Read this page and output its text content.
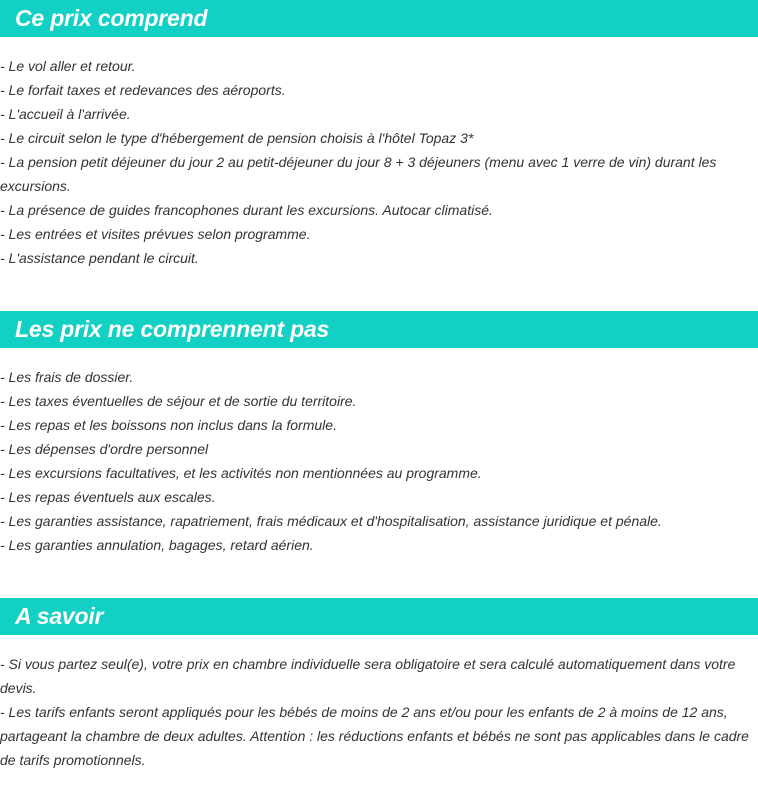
Ce prix comprend

- Le vol aller et retour.

- Le forfait taxes et redevances des aéroports.

- L'accueil à l'arrivée.

- Le circuit selon le type d'hébergement de pension choisis à l'hôtel Topaz 3*

- La pension petit déjeuner du jour 2 au petit-déjeuner du jour 8 + 3 déjeuners (menu avec 1 verre de vin) durant les excursions.

- La présence de guides francophones durant les excursions. Autocar climatisé.

- Les entrées et visites prévues selon programme.

- L'assistance pendant le circuit.

Les prix ne comprennent pas

- Les frais de dossier.

- Les taxes éventuelles de séjour et de sortie du territoire.

- Les repas et les boissons non inclus dans la formule.

- Les dépenses d'ordre personnel

- Les excursions facultatives, et les activités non mentionnées au programme.

- Les repas éventuels aux escales.

- Les garanties assistance, rapatriement, frais médicaux et d'hospitalisation, assistance juridique et pénale.

- Les garanties annulation, bagages, retard aérien.

A savoir

- Si vous partez seul(e), votre prix en chambre individuelle sera obligatoire et sera calculé automatiquement dans votre devis.

- Les tarifs enfants seront appliqués pour les bébés de moins de 2 ans et/ou pour les enfants de 2 à moins de 12 ans, partageant la chambre de deux adultes. Attention : les réductions enfants et bébés ne sont pas applicables dans le cadre de tarifs promotionnels.
